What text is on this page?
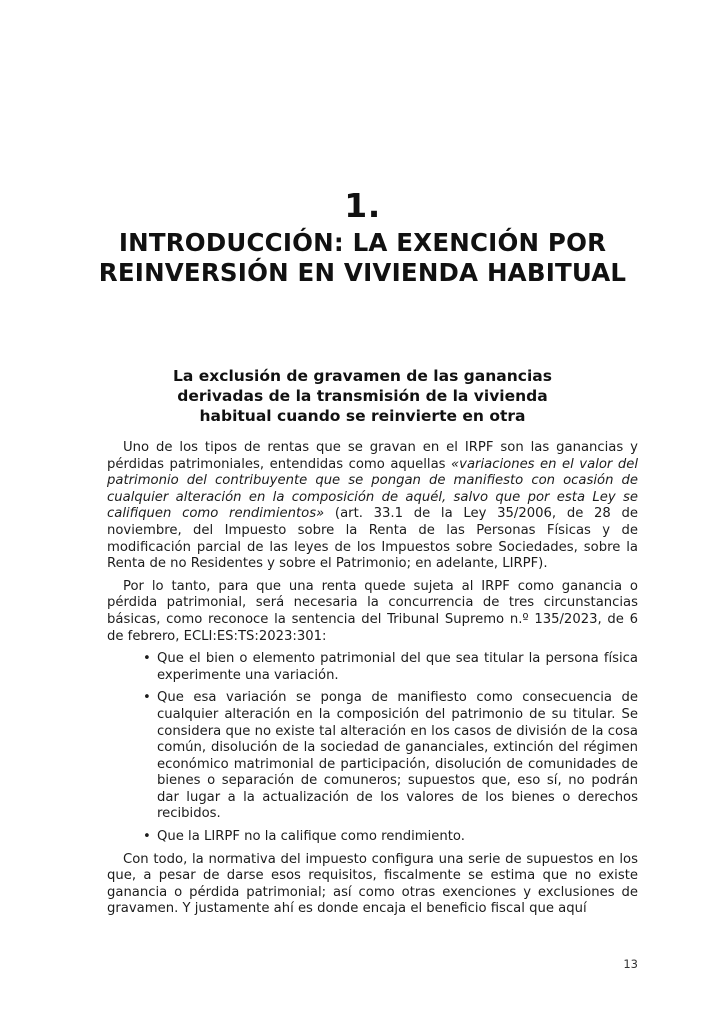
1.
INTRODUCCIÓN: LA EXENCIÓN POR
REINVERSIÓN EN VIVIENDA HABITUAL
La exclusión de gravamen de las ganancias
derivadas de la transmisión de la vivienda
habitual cuando se reinvierte en otra

Uno de los tipos de rentas que se gravan en el IRPF son las ganancias y pérdidas patrimoniales, entendidas como aquellas «variaciones en el valor del patrimonio del contribuyente que se pongan de manifiesto con ocasión de cualquier alteración en la composición de aquél, salvo que por esta Ley se califiquen como rendimientos» (art. 33.1 de la Ley 35/2006, de 28 de noviembre, del Impuesto sobre la Renta de las Personas Físicas y de modificación parcial de las leyes de los Impuestos sobre Sociedades, sobre la Renta de no Residentes y sobre el Patrimonio; en adelante, LIRPF).

Por lo tanto, para que una renta quede sujeta al IRPF como ganancia o pérdida patrimonial, será necesaria la concurrencia de tres circunstancias básicas, como reconoce la sentencia del Tribunal Supremo n.º 135/2023, de 6 de febrero, ECLI:ES:TS:2023:301:

• Que el bien o elemento patrimonial del que sea titular la persona física experimente una variación.
• Que esa variación se ponga de manifiesto como consecuencia de cualquier alteración en la composición del patrimonio de su titular. Se considera que no existe tal alteración en los casos de división de la cosa común, disolución de la sociedad de gananciales, extinción del régimen económico matrimonial de participación, disolución de comunidades de bienes o separación de comuneros; supuestos que, eso sí, no podrán dar lugar a la actualización de los valores de los bienes o derechos recibidos.
• Que la LIRPF no la califique como rendimiento.

Con todo, la normativa del impuesto configura una serie de supuestos en los que, a pesar de darse esos requisitos, fiscalmente se estima que no existe ganancia o pérdida patrimonial; así como otras exenciones y exclusiones de gravamen. Y justamente ahí es donde encaja el beneficio fiscal que aquí

13
